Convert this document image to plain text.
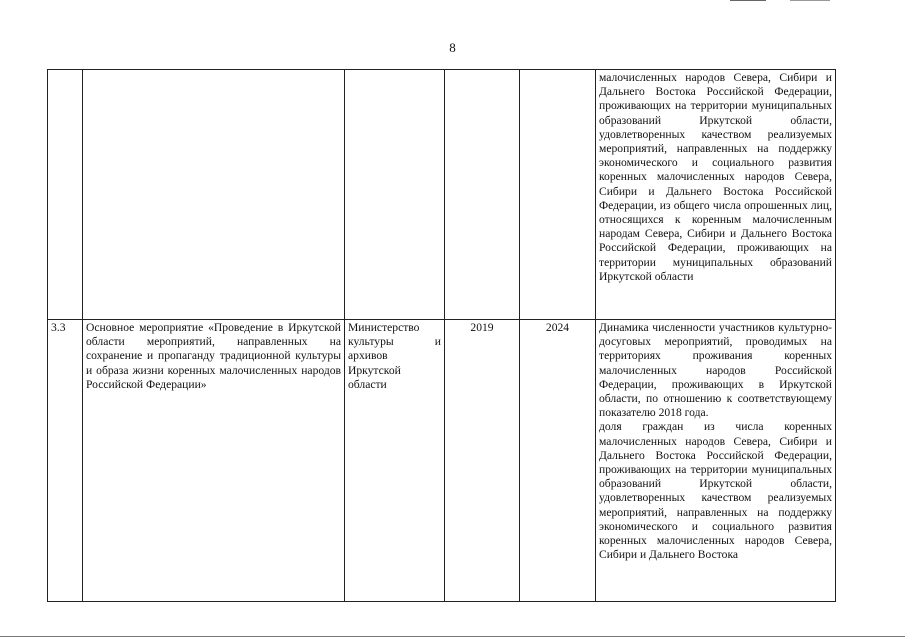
8
					малочисленных народов Севера, Сибири и Дальнего Востока Российской Федерации, проживающих на территории муниципальных образований Иркутской области, удовлетворенных качеством реализуемых мероприятий, направленных на поддержку экономического и социального развития коренных малочисленных народов Севера, Сибири и Дальнего Востока Российской Федерации, из общего числа опрошенных лиц, относящихся к коренным малочисленным народам Севера, Сибири и Дальнего Востока Российской Федерации, проживающих на территории муниципальных образований Иркутской области
3.3	Основное мероприятие «Проведение в Иркутской области мероприятий, направленных на сохранение и пропаганду традиционной культуры и образа жизни коренных малочисленных народов Российской Федерации»	Министерство культуры и архивов Иркутской области	2019	2024	Динамика численности участников культурно-досуговых мероприятий, проводимых на территориях проживания коренных малочисленных народов Российской Федерации, проживающих в Иркутской области, по отношению к соответствующему показателю 2018 года.
доля граждан из числа коренных малочисленных народов Севера, Сибири и Дальнего Востока Российской Федерации, проживающих на территории муниципальных образований Иркутской области, удовлетворенных качеством реализуемых мероприятий, направленных на поддержку экономического и социального развития коренных малочисленных народов Севера, Сибири и Дальнего Востока
